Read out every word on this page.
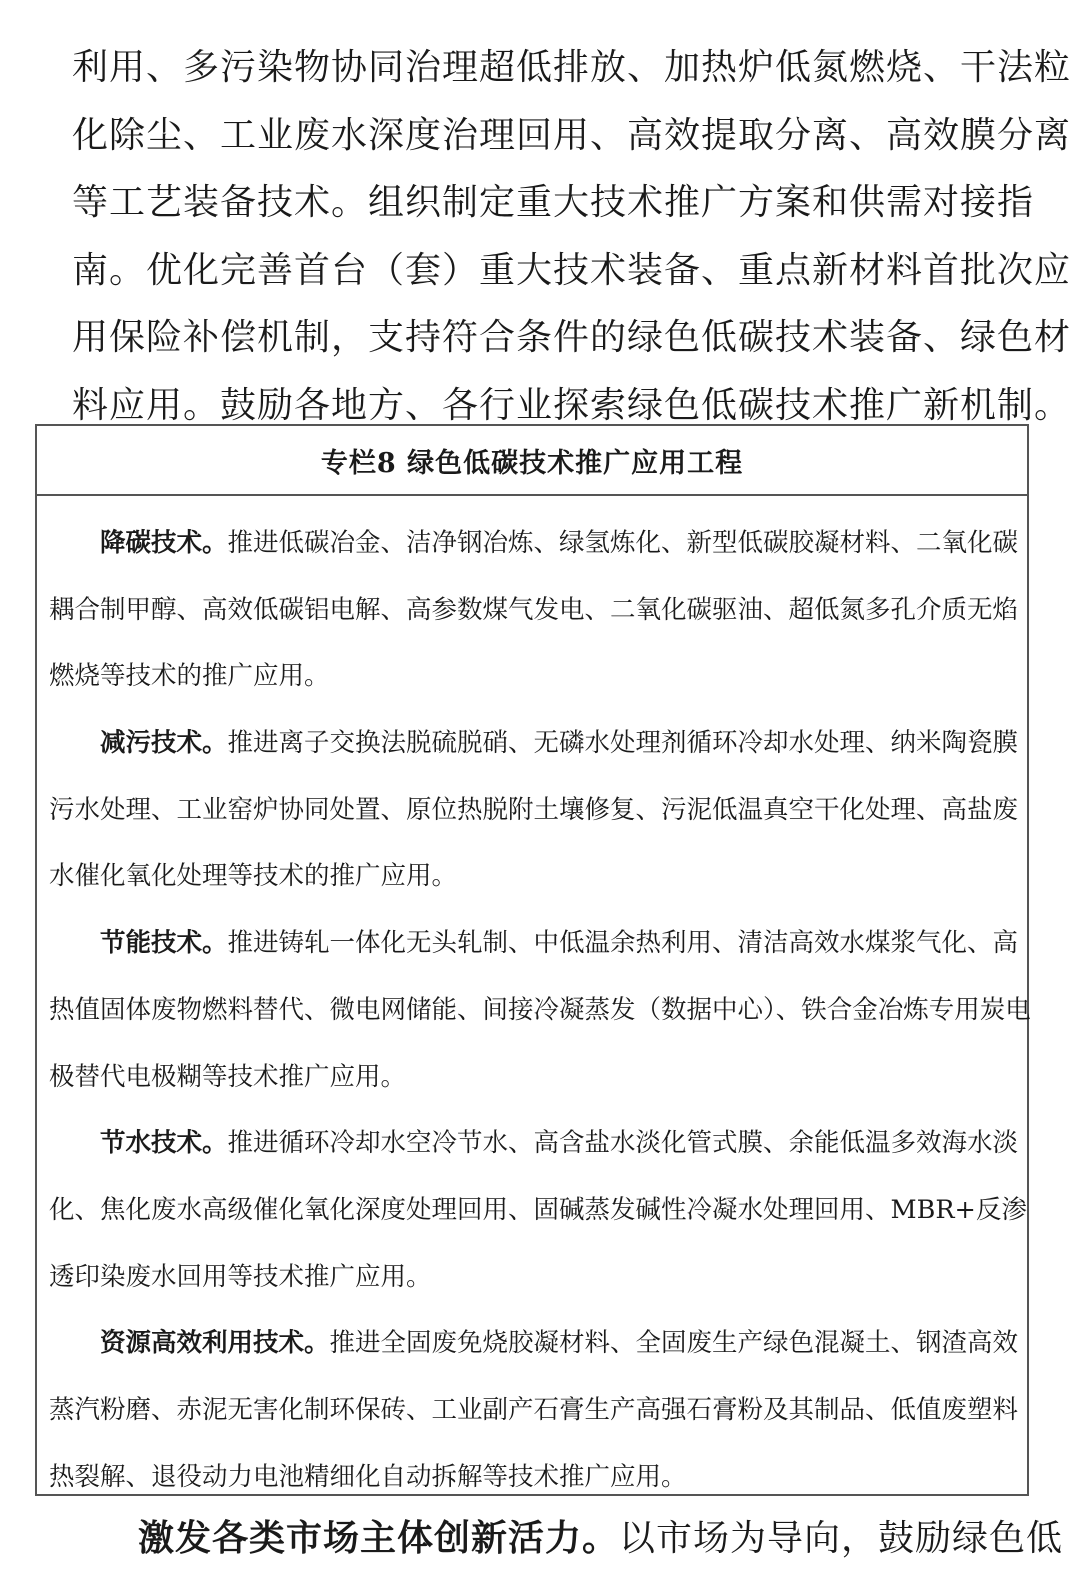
利用、多污染物协同治理超低排放、加热炉低氮燃烧、干法粒
化除尘、工业废水深度治理回用、高效提取分离、高效膜分离
等工艺装备技术。组织制定重大技术推广方案和供需对接指
南。优化完善首台（套）重大技术装备、重点新材料首批次应
用保险补偿机制，支持符合条件的绿色低碳技术装备、绿色材
料应用。鼓励各地方、各行业探索绿色低碳技术推广新机制。
专栏8 绿色低碳技术推广应用工程
降碳技术。推进低碳冶金、洁净钢冶炼、绿氢炼化、新型低碳胶凝材料、二氧化碳
耦合制甲醇、高效低碳铝电解、高参数煤气发电、二氧化碳驱油、超低氮多孔介质无焰
燃烧等技术的推广应用。
减污技术。推进离子交换法脱硫脱硝、无磷水处理剂循环冷却水处理、纳米陶瓷膜
污水处理、工业窑炉协同处置、原位热脱附土壤修复、污泥低温真空干化处理、高盐废
水催化氧化处理等技术的推广应用。
节能技术。推进铸轧一体化无头轧制、中低温余热利用、清洁高效水煤浆气化、高
热值固体废物燃料替代、微电网储能、间接冷凝蒸发（数据中心）、铁合金冶炼专用炭电
极替代电极糊等技术推广应用。
节水技术。推进循环冷却水空冷节水、高含盐水淡化管式膜、余能低温多效海水淡
化、焦化废水高级催化氧化深度处理回用、固碱蒸发碱性冷凝水处理回用、MBR+反渗
透印染废水回用等技术推广应用。
资源高效利用技术。推进全固废免烧胶凝材料、全固废生产绿色混凝土、钢渣高效
蒸汽粉磨、赤泥无害化制环保砖、工业副产石膏生产高强石膏粉及其制品、低值废塑料
热裂解、退役动力电池精细化自动拆解等技术推广应用。
激发各类市场主体创新活力。以市场为导向，鼓励绿色低
